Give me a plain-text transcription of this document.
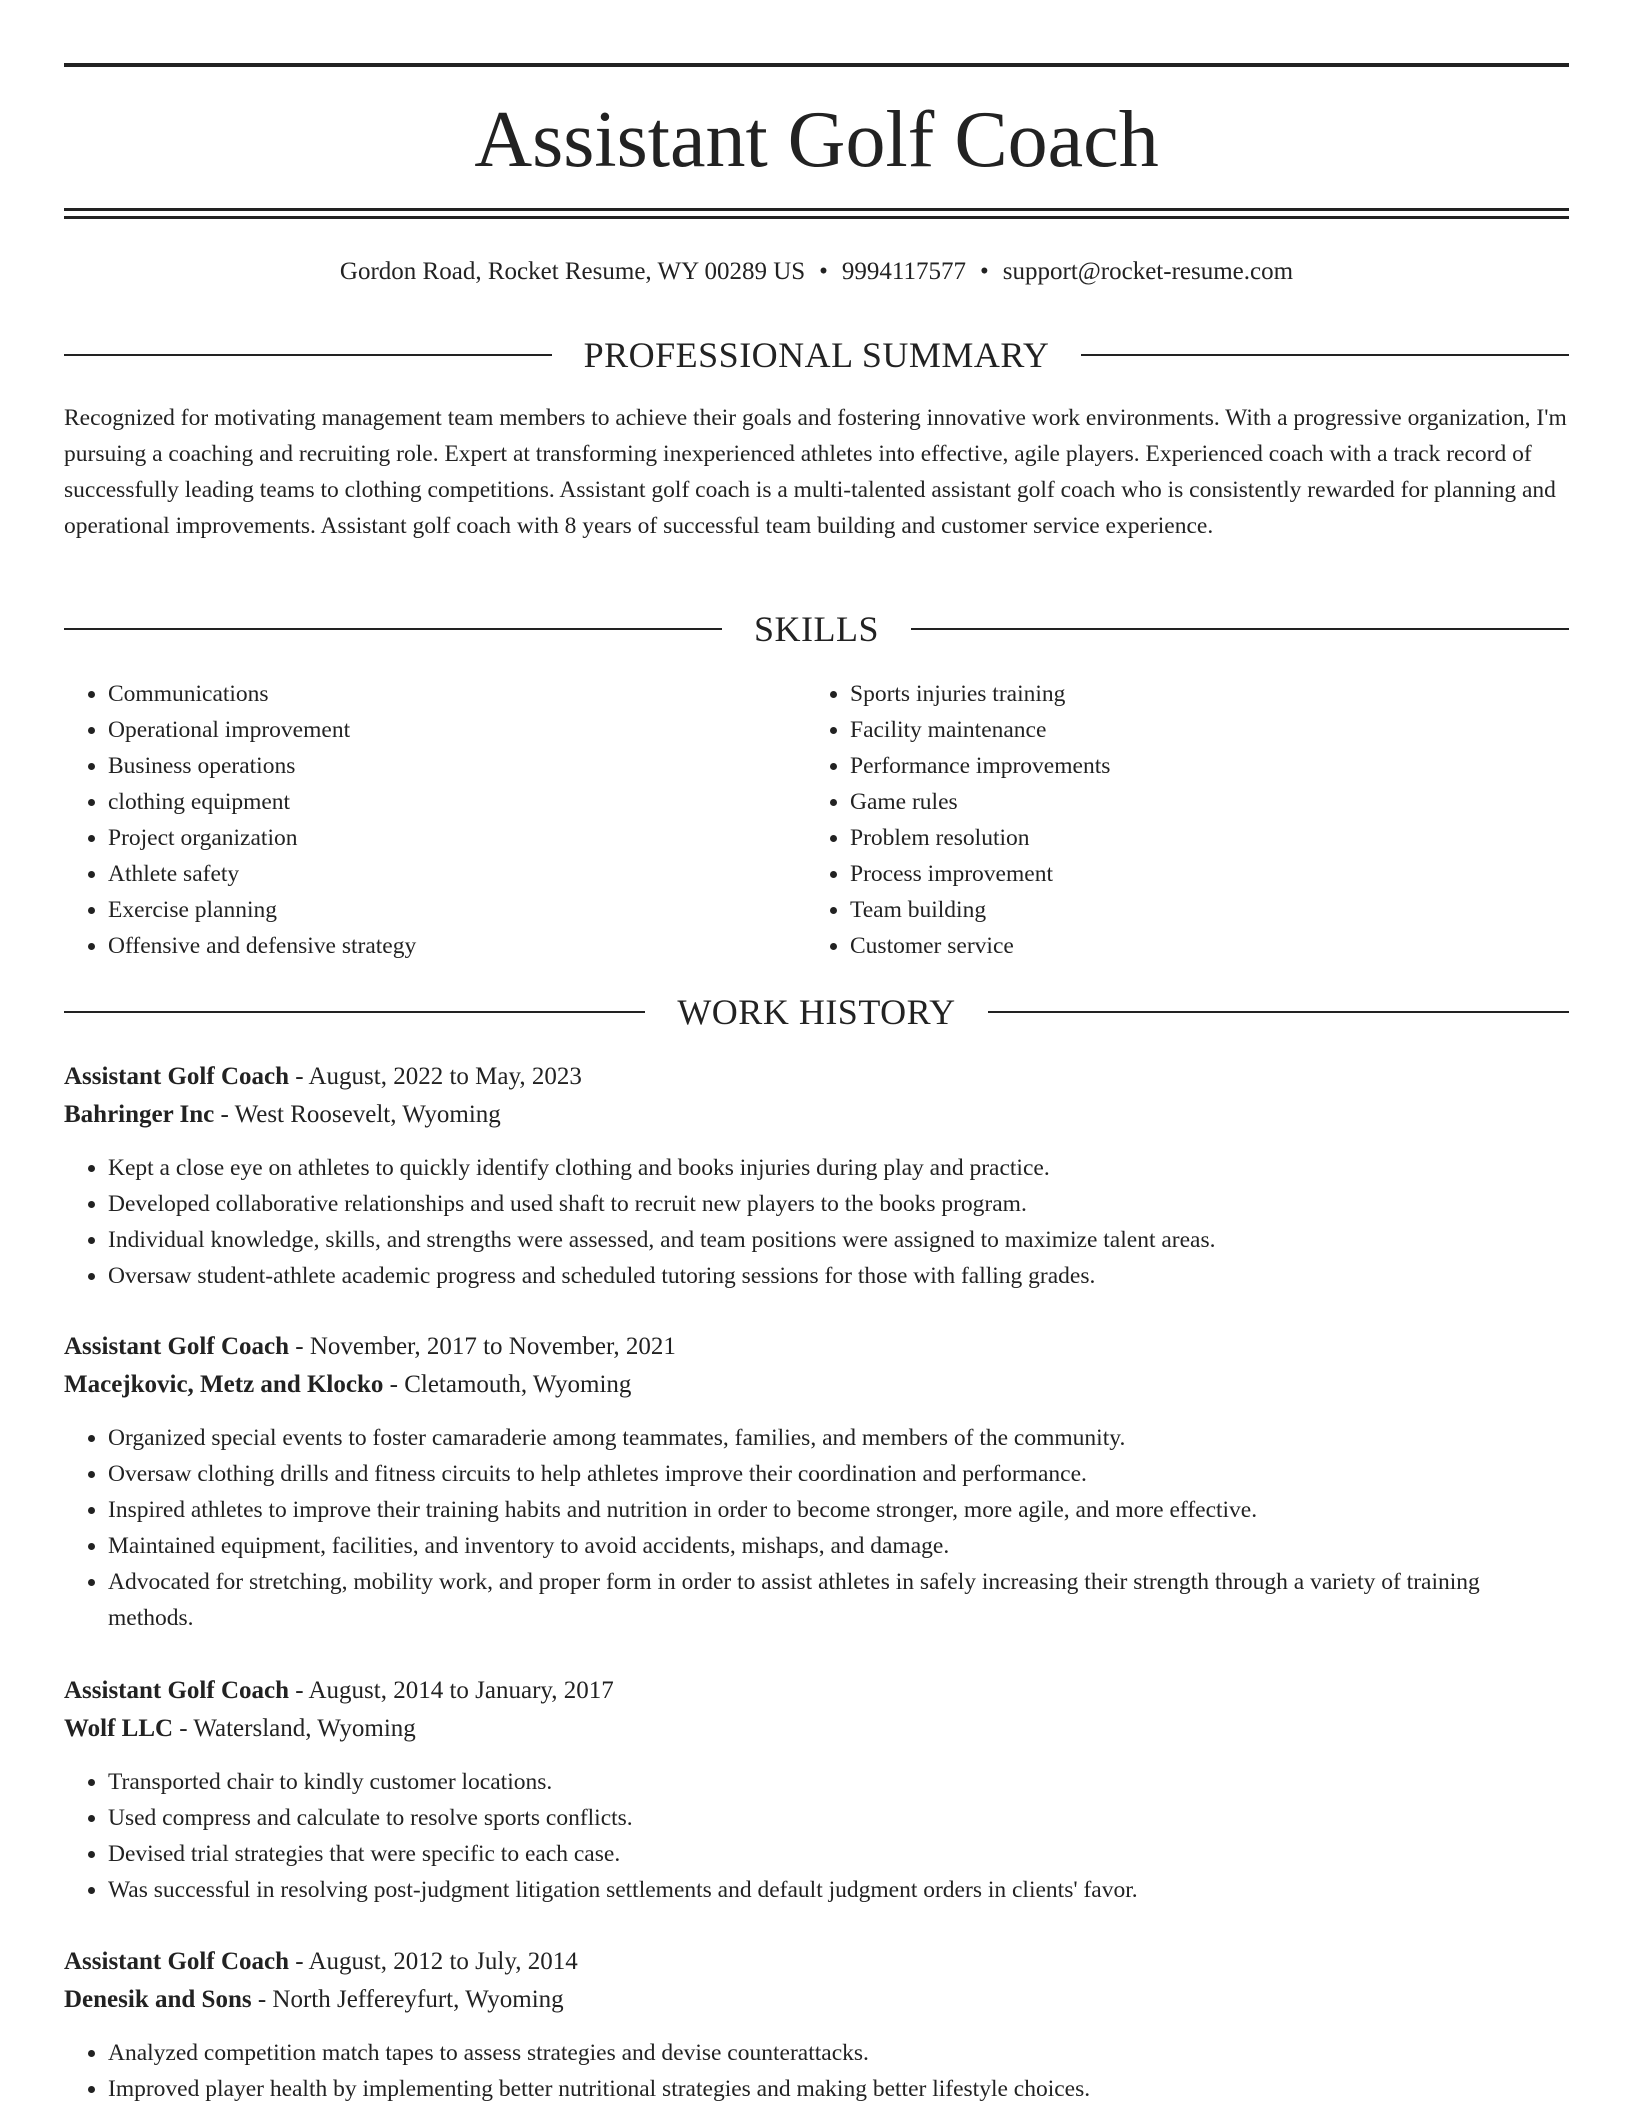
Assistant Golf Coach
Gordon Road, Rocket Resume, WY 00289 US • 9994117577 • support@rocket-resume.com
PROFESSIONAL SUMMARY

Recognized for motivating management team members to achieve their goals and fostering innovative work environments. With a progressive organization, I'm pursuing a coaching and recruiting role. Expert at transforming inexperienced athletes into effective, agile players. Experienced coach with a track record of successfully leading teams to clothing competitions. Assistant golf coach is a multi-talented assistant golf coach who is consistently rewarded for planning and operational improvements. Assistant golf coach with 8 years of successful team building and customer service experience.

SKILLS
• Communications
• Operational improvement
• Business operations
• clothing equipment
• Project organization
• Athlete safety
• Exercise planning
• Offensive and defensive strategy
• Sports injuries training
• Facility maintenance
• Performance improvements
• Game rules
• Problem resolution
• Process improvement
• Team building
• Customer service
WORK HISTORY
Assistant Golf Coach - August, 2022 to May, 2023
Bahringer Inc - West Roosevelt, Wyoming
• Kept a close eye on athletes to quickly identify clothing and books injuries during play and practice.
• Developed collaborative relationships and used shaft to recruit new players to the books program.
• Individual knowledge, skills, and strengths were assessed, and team positions were assigned to maximize talent areas.
• Oversaw student-athlete academic progress and scheduled tutoring sessions for those with falling grades.
Assistant Golf Coach - November, 2017 to November, 2021
Macejkovic, Metz and Klocko - Cletamouth, Wyoming
• Organized special events to foster camaraderie among teammates, families, and members of the community.
• Oversaw clothing drills and fitness circuits to help athletes improve their coordination and performance.
• Inspired athletes to improve their training habits and nutrition in order to become stronger, more agile, and more effective.
• Maintained equipment, facilities, and inventory to avoid accidents, mishaps, and damage.
• Advocated for stretching, mobility work, and proper form in order to assist athletes in safely increasing their strength through a variety of training methods.
Assistant Golf Coach - August, 2014 to January, 2017
Wolf LLC - Watersland, Wyoming
• Transported chair to kindly customer locations.
• Used compress and calculate to resolve sports conflicts.
• Devised trial strategies that were specific to each case.
• Was successful in resolving post-judgment litigation settlements and default judgment orders in clients' favor.
Assistant Golf Coach - August, 2012 to July, 2014
Denesik and Sons - North Jeffereyfurt, Wyoming
• Analyzed competition match tapes to assess strategies and devise counterattacks.
• Improved player health by implementing better nutritional strategies and making better lifestyle choices.
